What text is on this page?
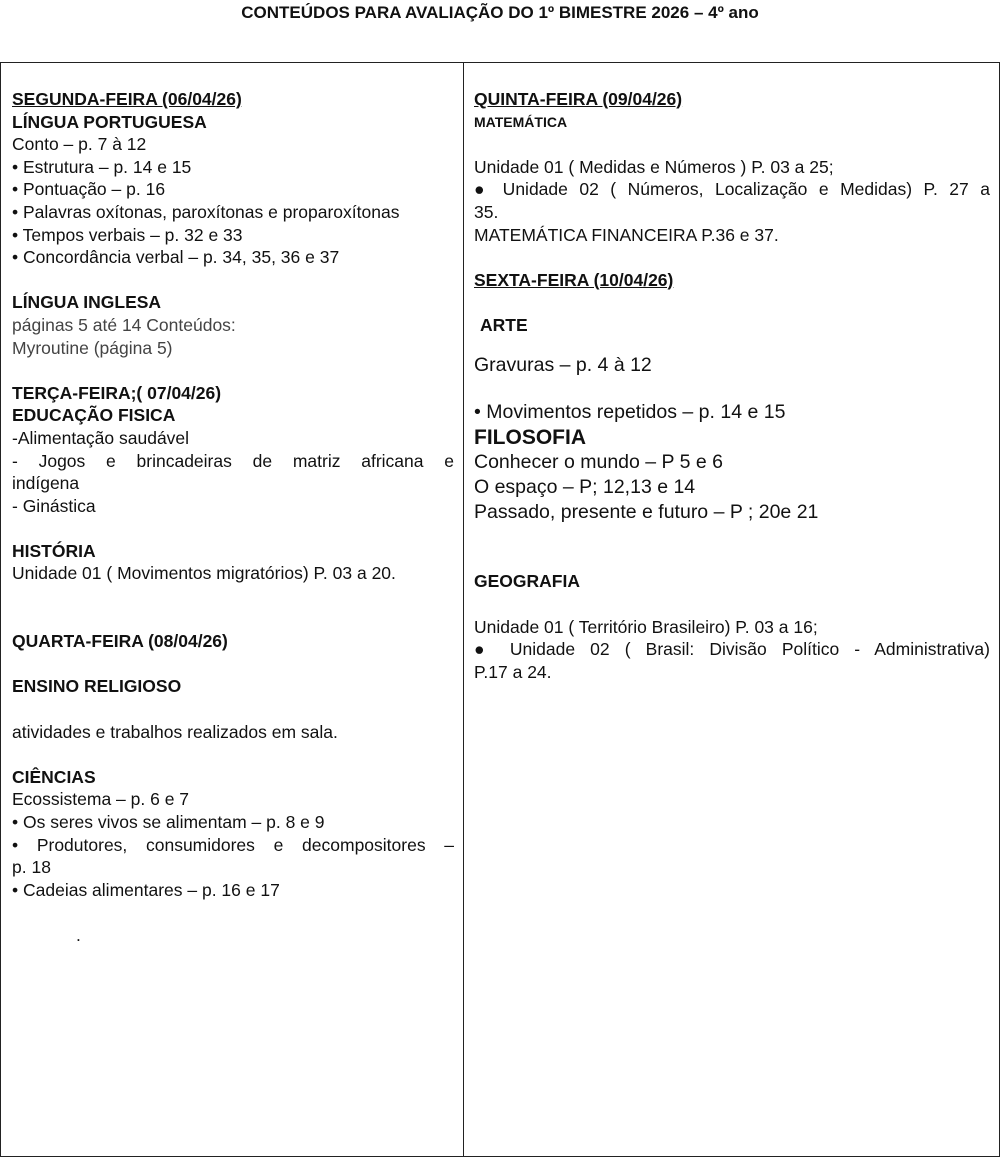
CONTEÚDOS PARA AVALIAÇÃO DO 1º BIMESTRE 2026 – 4º ano
SEGUNDA-FEIRA (06/04/26)
LÍNGUA PORTUGUESA
Conto – p. 7 à 12
• Estrutura – p. 14 e 15
• Pontuação – p. 16
• Palavras oxítonas, paroxítonas e proparoxítonas
• Tempos verbais – p. 32 e 33
• Concordância verbal – p. 34, 35, 36 e 37
LÍNGUA INGLESA
páginas 5 até 14 Conteúdos:
Myroutine (página 5)
TERÇA-FEIRA;( 07/04/26)
EDUCAÇÃO FISICA
-Alimentação saudável
- Jogos e brincadeiras de matriz africana e
indígena
- Ginástica
HISTÓRIA
Unidade 01 ( Movimentos migratórios) P. 03 a 20.
QUARTA-FEIRA (08/04/26)
ENSINO RELIGIOSO
atividades e trabalhos realizados em sala.
CIÊNCIAS
Ecossistema – p. 6 e 7
• Os seres vivos se alimentam – p. 8 e 9
• Produtores, consumidores e decompositores –
p. 18
• Cadeias alimentares – p. 16 e 17
.
QUINTA-FEIRA (09/04/26)
MATEMÁTICA
Unidade 01 ( Medidas e Números ) P. 03 a 25;
● Unidade 02 ( Números, Localização e Medidas) P. 27 a
35.
MATEMÁTICA FINANCEIRA P.36 e 37.
SEXTA-FEIRA (10/04/26)
ARTE
Gravuras – p. 4 à 12
• Movimentos repetidos – p. 14 e 15
FILOSOFIA
Conhecer o mundo – P 5 e 6
O espaço – P; 12,13 e 14
Passado, presente e futuro – P ; 20e 21
GEOGRAFIA
Unidade 01 ( Território Brasileiro) P. 03 a 16;
● Unidade 02 ( Brasil: Divisão Político - Administrativa)
P.17 a 24.
